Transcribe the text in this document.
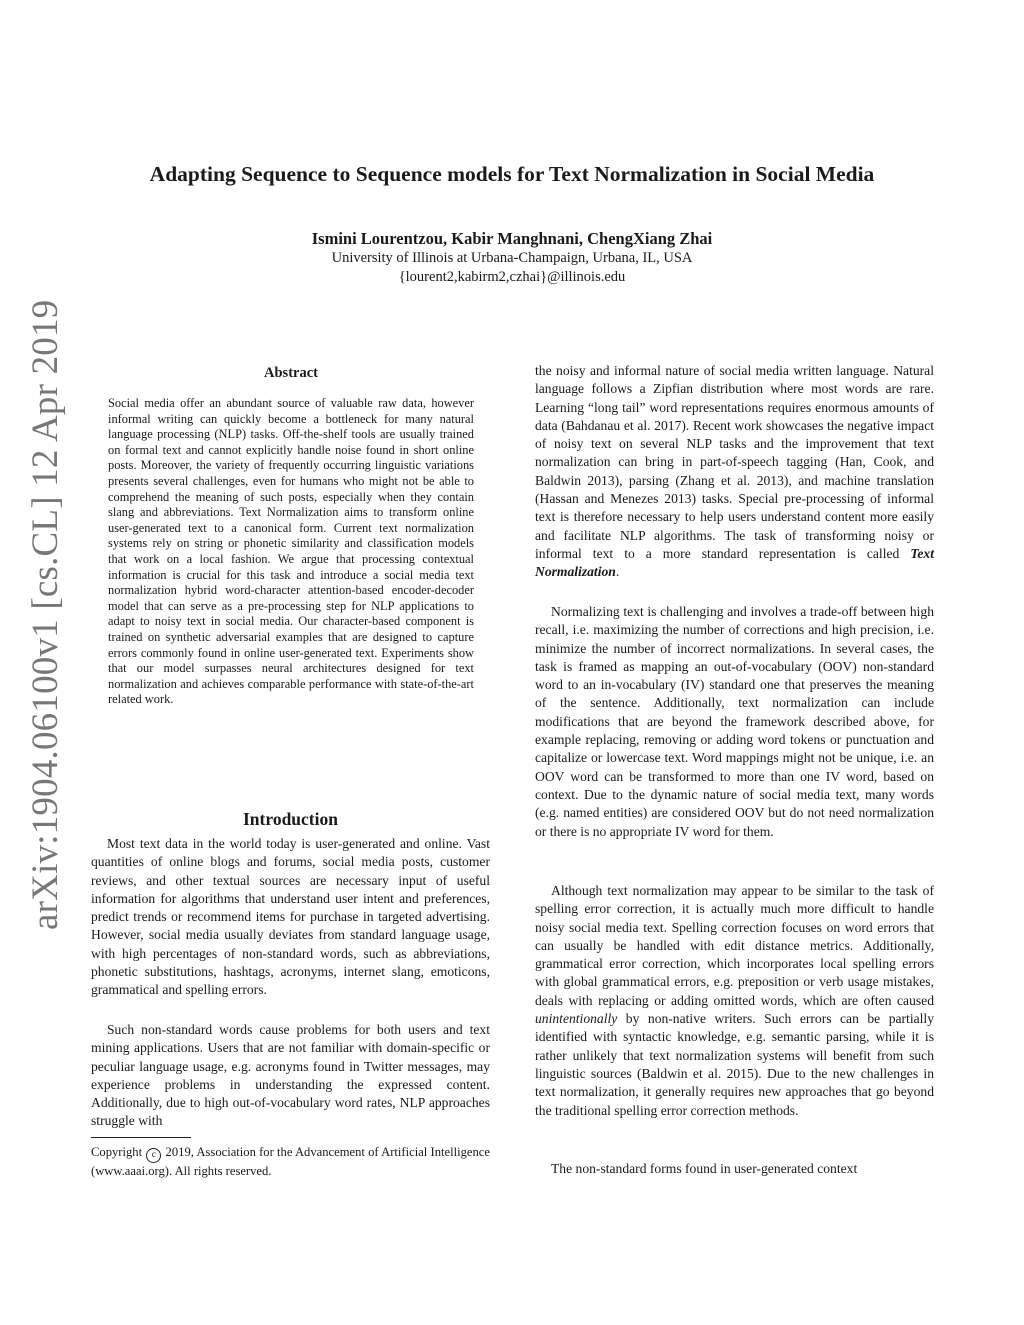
Adapting Sequence to Sequence models for Text Normalization in Social Media
Ismini Lourentzou, Kabir Manghnani, ChengXiang Zhai
University of Illinois at Urbana-Champaign, Urbana, IL, USA
{lourent2,kabirm2,czhai}@illinois.edu
arXiv:1904.06100v1 [cs.CL] 12 Apr 2019	Abstract
Social media offer an abundant source of valuable raw data, however informal writing can quickly become a bottleneck for many natural language processing (NLP) tasks. Off-the-shelf tools are usually trained on formal text and cannot explicitly handle noise found in short online posts. Moreover, the variety of frequently occurring linguistic variations presents several challenges, even for humans who might not be able to comprehend the meaning of such posts, especially when they contain slang and abbreviations. Text Normalization aims to transform online user-generated text to a canonical form. Current text normalization systems rely on string or phonetic similarity and classification models that work on a local fashion. We argue that processing contextual information is crucial for this task and introduce a social media text normalization hybrid word-character attention-based encoder-decoder model that can serve as a pre-processing step for NLP applications to adapt to noisy text in social media. Our character-based component is trained on synthetic adversarial examples that are designed to capture errors commonly found in online user-generated text. Experiments show that our model surpasses neural architectures designed for text normalization and achieves comparable performance with state-of-the-art related work.
Introduction

Most text data in the world today is user-generated and online. Vast quantities of online blogs and forums, social media posts, customer reviews, and other textual sources are necessary input of useful information for algorithms that understand user intent and preferences, predict trends or recommend items for purchase in targeted advertising. However, social media usually deviates from standard language usage, with high percentages of non-standard words, such as abbreviations, phonetic substitutions, hashtags, acronyms, internet slang, emoticons, grammatical and spelling errors.

Such non-standard words cause problems for both users and text mining applications. Users that are not familiar with domain-specific or peculiar language usage, e.g. acronyms found in Twitter messages, may experience problems in understanding the expressed content. Additionally, due to high out-of-vocabulary word rates, NLP approaches struggle with

Copyright c 2019, Association for the Advancement of Artificial Intelligence (www.aaai.org). All rights reserved.

the noisy and informal nature of social media written language. Natural language follows a Zipfian distribution where most words are rare. Learning “long tail” word representations requires enormous amounts of data (Bahdanau et al. 2017). Recent work showcases the negative impact of noisy text on several NLP tasks and the improvement that text normalization can bring in part-of-speech tagging (Han, Cook, and Baldwin 2013), parsing (Zhang et al. 2013), and machine translation (Hassan and Menezes 2013) tasks. Special pre-processing of informal text is therefore necessary to help users understand content more easily and facilitate NLP algorithms. The task of transforming noisy or informal text to a more standard representation is called Text Normalization.

Normalizing text is challenging and involves a trade-off between high recall, i.e. maximizing the number of corrections and high precision, i.e. minimize the number of incorrect normalizations. In several cases, the task is framed as mapping an out-of-vocabulary (OOV) non-standard word to an in-vocabulary (IV) standard one that preserves the meaning of the sentence. Additionally, text normalization can include modifications that are beyond the framework described above, for example replacing, removing or adding word tokens or punctuation and capitalize or lowercase text. Word mappings might not be unique, i.e. an OOV word can be transformed to more than one IV word, based on context. Due to the dynamic nature of social media text, many words (e.g. named entities) are considered OOV but do not need normalization or there is no appropriate IV word for them.

Although text normalization may appear to be similar to the task of spelling error correction, it is actually much more difficult to handle noisy social media text. Spelling correction focuses on word errors that can usually be handled with edit distance metrics. Additionally, grammatical error correction, which incorporates local spelling errors with global grammatical errors, e.g. preposition or verb usage mistakes, deals with replacing or adding omitted words, which are often caused unintentionally by non-native writers. Such errors can be partially identified with syntactic knowledge, e.g. semantic parsing, while it is rather unlikely that text normalization systems will benefit from such linguistic sources (Baldwin et al. 2015). Due to the new challenges in text normalization, it generally requires new approaches that go beyond the traditional spelling error correction methods.

The non-standard forms found in user-generated context
